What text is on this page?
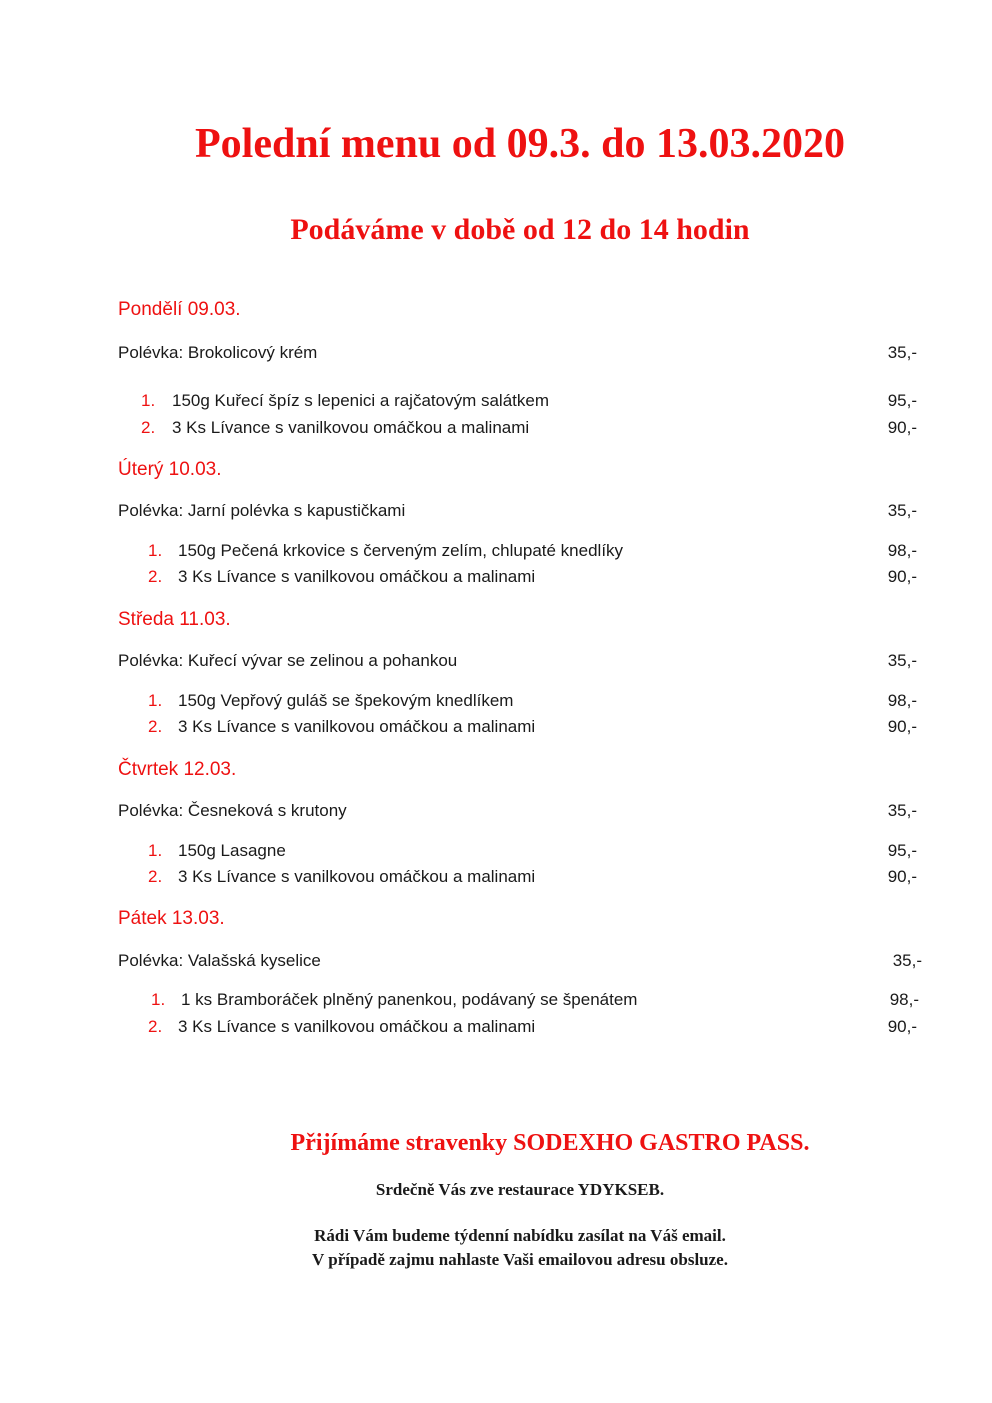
Polední menu od 09.3. do 13.03.2020
Podáváme v době od 12 do 14 hodin
Pondělí 09.03.
Polévka: Brokolicový krém	35,-
1. 150g Kuřecí špíz s lepenici a rajčatovým salátkem	95,-
2. 3 Ks Lívance s vanilkovou omáčkou a malinami	90,-
Úterý 10.03.
Polévka: Jarní polévka s kapustičkami	35,-
1. 150g Pečená krkovice s červeným zelím, chlupaté knedlíky	98,-
2. 3 Ks Lívance s vanilkovou omáčkou a malinami	90,-
Středa 11.03.
Polévka: Kuřecí vývar se zelinou a pohankou	35,-
1. 150g Vepřový guláš se špekovým knedlíkem	98,-
2. 3 Ks Lívance s vanilkovou omáčkou a malinami	90,-
Čtvrtek 12.03.
Polévka: Česneková s krutony	35,-
1. 150g Lasagne	95,-
2. 3 Ks Lívance s vanilkovou omáčkou a malinami	90,-
Pátek 13.03.
Polévka: Valašská kyselice	35,-
1. 1 ks Bramboráček plněný panenkou, podávaný se špenátem	98,-
2. 3 Ks Lívance s vanilkovou omáčkou a malinami	90,-
Přijímáme stravenky SODEXHO GASTRO PASS.
Srdečně Vás zve restaurace YDYKSEB.
Rádi Vám budeme týdenní nabídku zasílat na Váš email.
V případě zajmu nahlaste Vaši emailovou adresu obsluze.
